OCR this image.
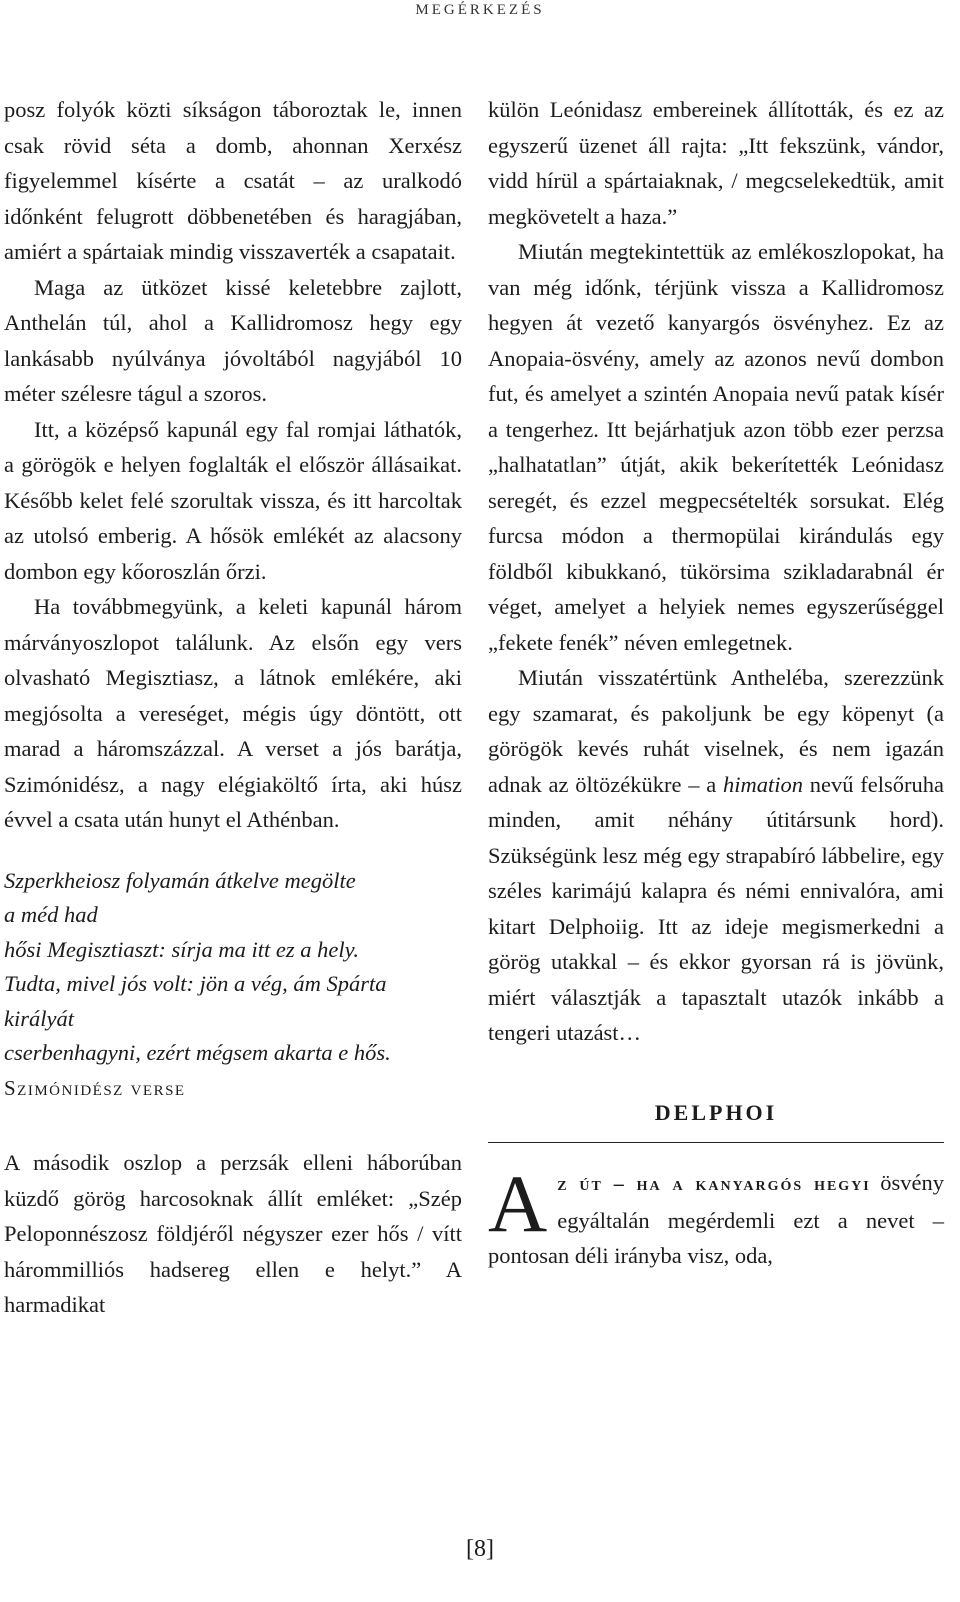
MEGÉRKEZÉS

posz folyók közti síkságon táboroztak le, innen csak rövid séta a domb, ahonnan Xerxész figyelemmel kísérte a csatát – az uralkodó időnként felugrott döbbenetében és haragjában, amiért a spártaiak mindig visszaverték a csapatait.

Maga az ütközet kissé keletebbre zajlott, Anthelán túl, ahol a Kallidromosz hegy egy lankásabb nyúlványa jóvoltából nagyjából 10 méter szélesre tágul a szoros.

Itt, a középső kapunál egy fal romjai láthatók, a görögök e helyen foglalták el először állásaikat. Később kelet felé szorultak vissza, és itt harcoltak az utolsó emberig. A hősök emlékét az alacsony dombon egy kőoroszlán őrzi.

Ha továbbmegyünk, a keleti kapunál három márványoszlopot találunk. Az elsőn egy vers olvasható Megisztiasz, a látnok emlékére, aki megjósolta a vereséget, mégis úgy döntött, ott marad a háromszázzal. A verset a jós barátja, Szimónidész, a nagy elégiaköltő írta, aki húsz évvel a csata után hunyt el Athénban.

Szperkheiosz folyamán átkelve megölte
a méd had
hősi Megisztiaszt: sírja ma itt ez a hely.
Tudta, mivel jós volt: jön a vég, ám Spárta
királyát
cserbenhagyni, ezért mégsem akarta e hős.
Szimónidész verse

A második oszlop a perzsák elleni háborúban küzdő görög harcosoknak állít emléket: „Szép Peloponnészosz földjéről négyszer ezer hős / vítt hárommilliós hadsereg ellen e helyt.” A harmadikat

külön Leónidasz embereinek állították, és ez az egyszerű üzenet áll rajta: „Itt fekszünk, vándor, vidd hírül a spártaiaknak, / megcselekedtük, amit megkövetelt a haza.”

Miután megtekintettük az emlékoszlopokat, ha van még időnk, térjünk vissza a Kallidromosz hegyen át vezető kanyargós ösvényhez. Ez az Anopaia-ösvény, amely az azonos nevű dombon fut, és amelyet a szintén Anopaia nevű patak kísér a tengerhez. Itt bejárhatjuk azon több ezer perzsa „halhatatlan” útját, akik bekerítették Leónidasz seregét, és ezzel megpecsételték sorsukat. Elég furcsa módon a thermopülai kirándulás egy földből kibukkanó, tükörsima szikladarabnál ér véget, amelyet a helyiek nemes egyszerűséggel „fekete fenék” néven emlegetnek.

Miután visszatértünk Antheléba, szerezzünk egy szamarat, és pakoljunk be egy köpenyt (a görögök kevés ruhát viselnek, és nem igazán adnak az öltözékükre – a himation nevű felsőruha minden, amit néhány útitársunk hord). Szükségünk lesz még egy strapabíró lábbelire, egy széles karimájú kalapra és némi ennivalóra, ami kitart Delphoiig. Itt az ideje megismerkedni a görög utakkal – és ekkor gyorsan rá is jövünk, miért választják a tapasztalt utazók inkább a tengeri utazást…

DELPHOI

Az út – ha a kanyargós hegyi ösvény egyáltalán megérdemli ezt a nevet – pontosan déli irányba visz, oda,

[8]
